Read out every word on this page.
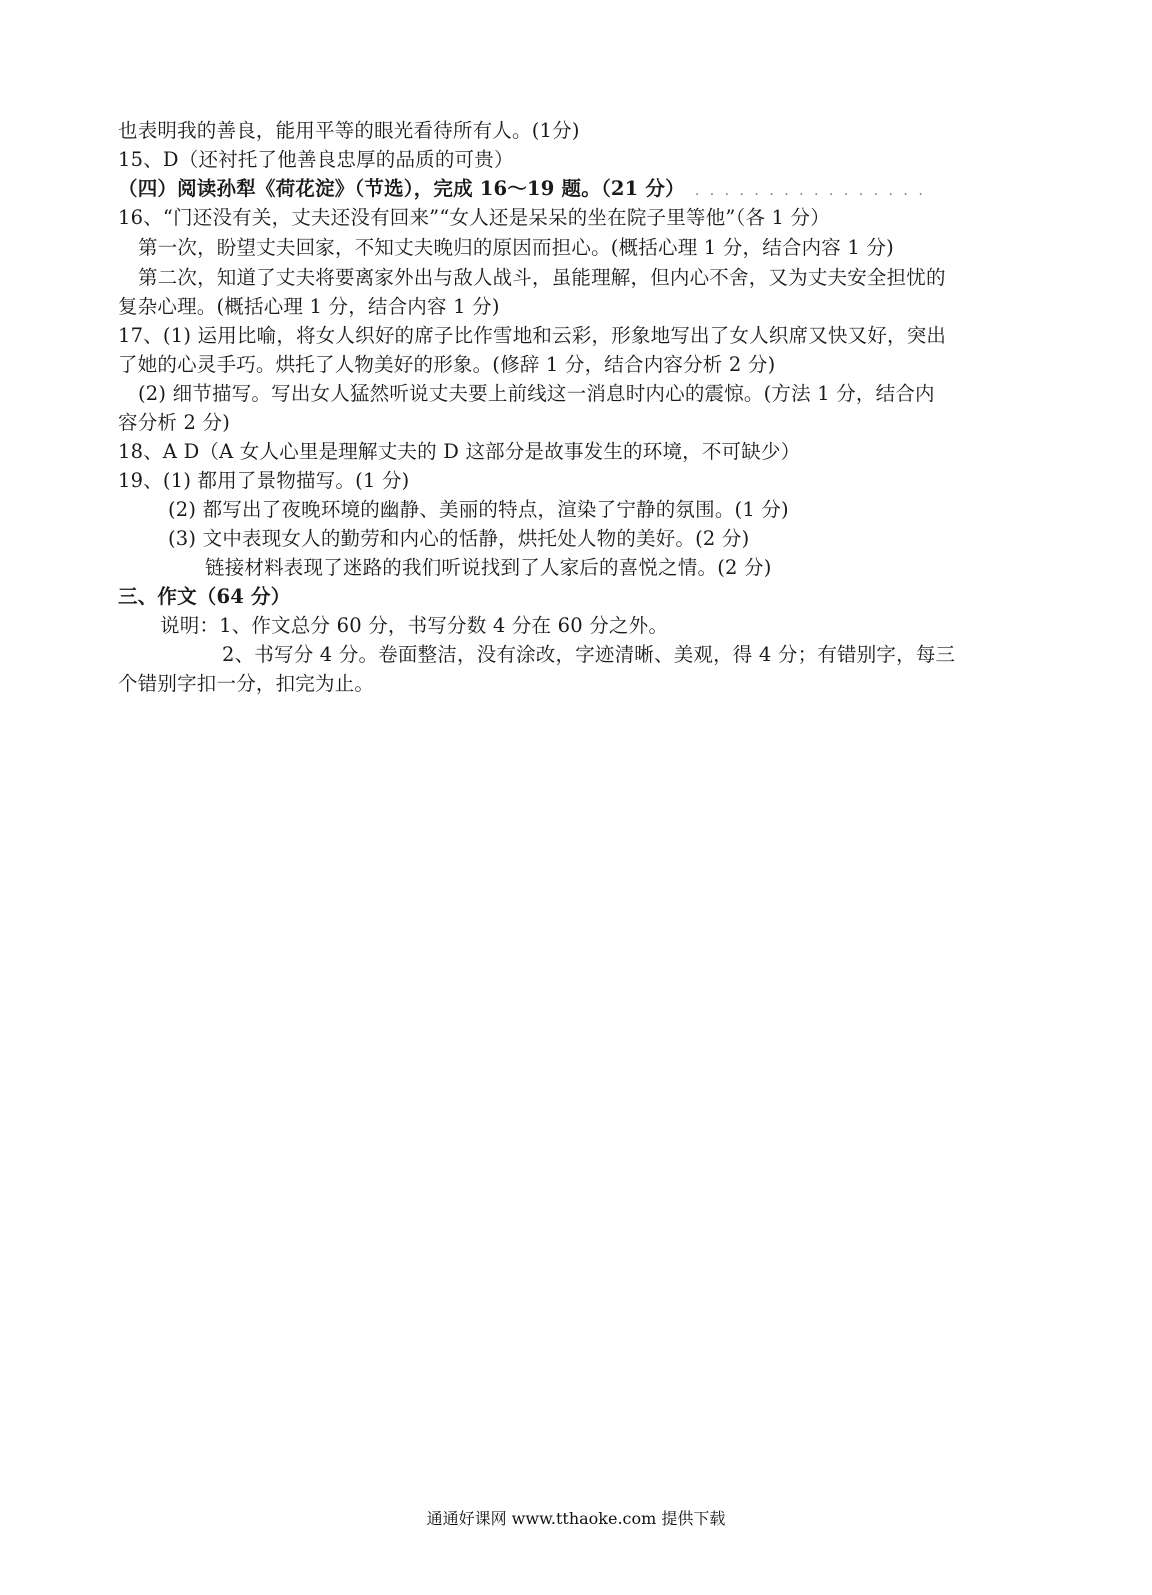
也表明我的善良，能用平等的眼光看待所有人。(1分)
15、D（还衬托了他善良忠厚的品质的可贵）
（四）阅读孙犁《荷花淀》（节选），完成 16～19 题。（21 分） . . . . . . . . . . . . . . . .
16、“门还没有关，丈夫还没有回来”“女人还是呆呆的坐在院子里等他”（各 1 分）
第一次，盼望丈夫回家，不知丈夫晚归的原因而担心。(概括心理 1 分，结合内容 1 分)
第二次，知道了丈夫将要离家外出与敌人战斗，虽能理解，但内心不舍，又为丈夫安全担忧的
复杂心理。(概括心理 1 分，结合内容 1 分)
17、(1) 运用比喻，将女人织好的席子比作雪地和云彩，形象地写出了女人织席又快又好，突出
了她的心灵手巧。烘托了人物美好的形象。(修辞 1 分，结合内容分析 2 分)
(2) 细节描写。写出女人猛然听说丈夫要上前线这一消息时内心的震惊。(方法 1 分，结合内
容分析 2 分)
18、A D（A 女人心里是理解丈夫的 D 这部分是故事发生的环境，不可缺少）
19、(1) 都用了景物描写。(1 分)
(2) 都写出了夜晚环境的幽静、美丽的特点，渲染了宁静的氛围。(1 分)
(3) 文中表现女人的勤劳和内心的恬静，烘托处人物的美好。(2 分)
链接材料表现了迷路的我们听说找到了人家后的喜悦之情。(2 分)
三、作文（64 分）
说明：1、作文总分 60 分，书写分数 4 分在 60 分之外。
2、书写分 4 分。卷面整洁，没有涂改，字迹清晰、美观，得 4 分；有错别字，每三
个错别字扣一分，扣完为止。
通通好课网 www.tthaoke.com 提供下载
